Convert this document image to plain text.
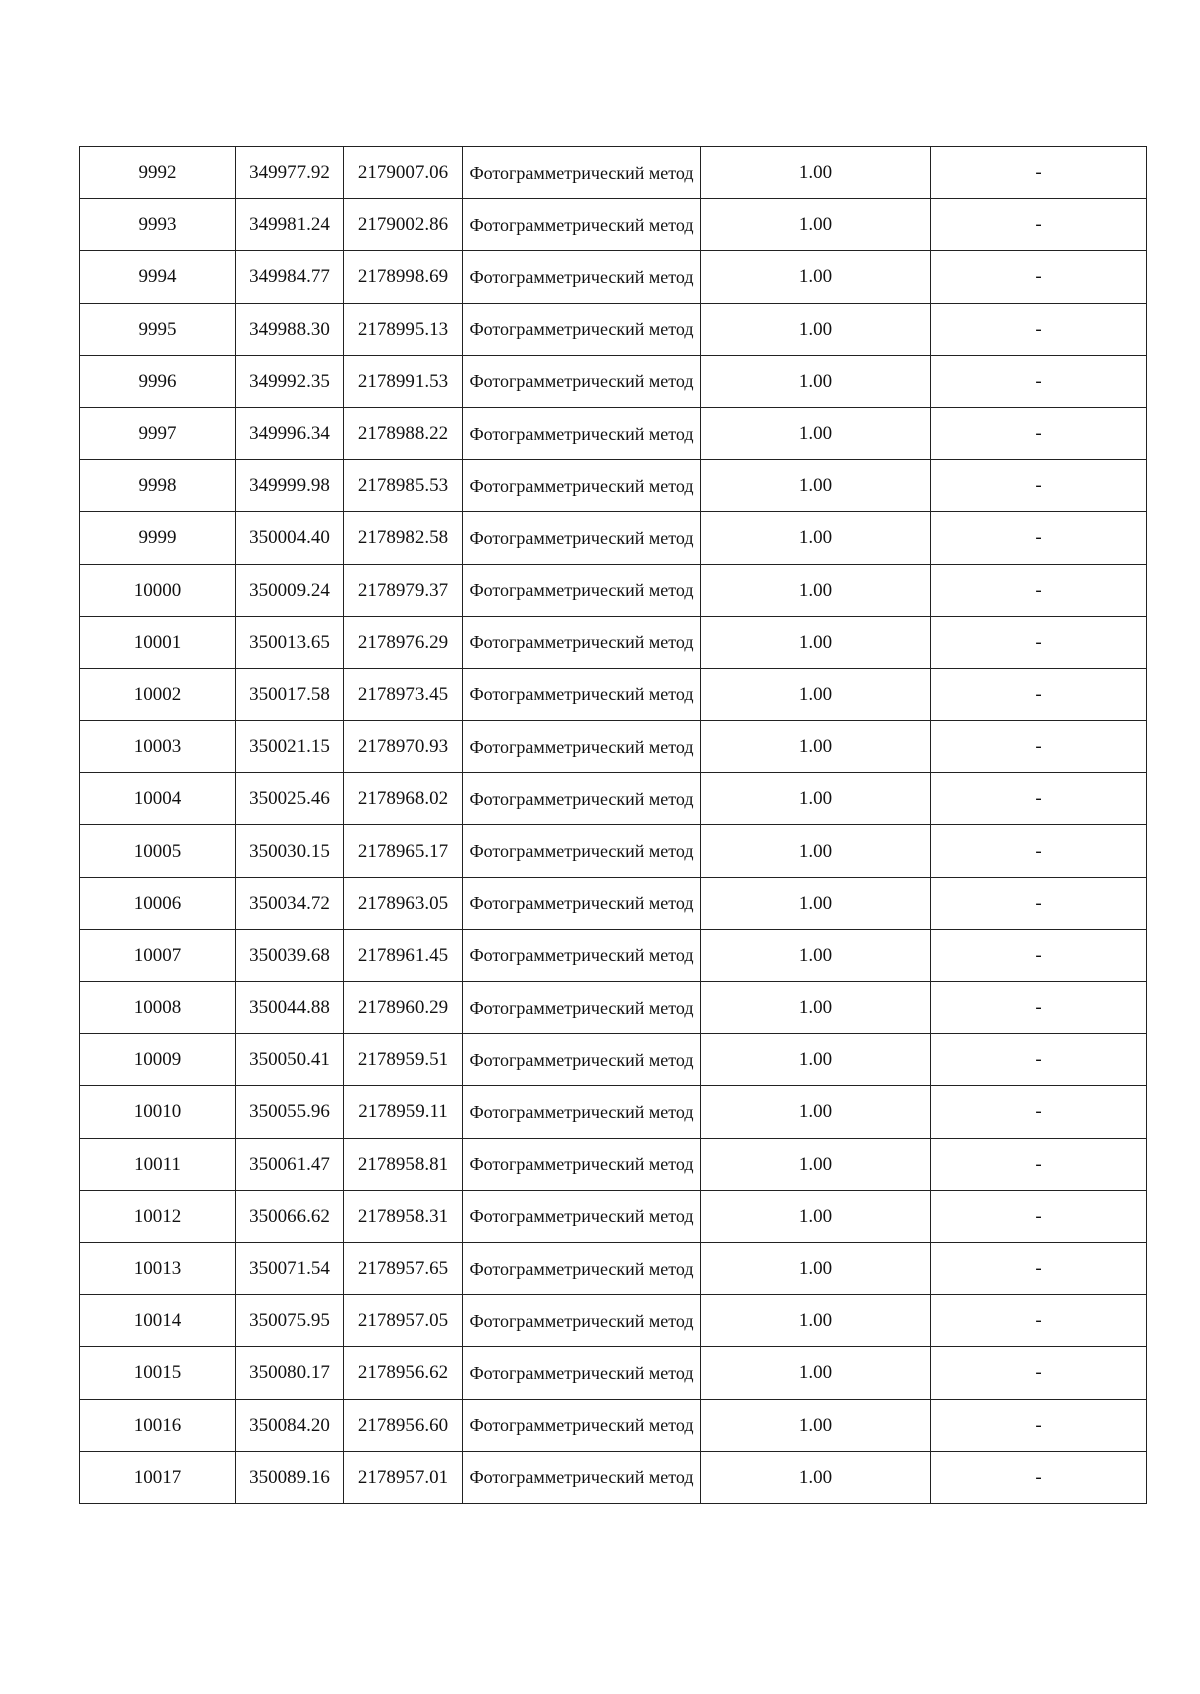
9992	349977.92	2179007.06	Фотограмметрический метод	1.00	-
9993	349981.24	2179002.86	Фотограмметрический метод	1.00	-
9994	349984.77	2178998.69	Фотограмметрический метод	1.00	-
9995	349988.30	2178995.13	Фотограмметрический метод	1.00	-
9996	349992.35	2178991.53	Фотограмметрический метод	1.00	-
9997	349996.34	2178988.22	Фотограмметрический метод	1.00	-
9998	349999.98	2178985.53	Фотограмметрический метод	1.00	-
9999	350004.40	2178982.58	Фотограмметрический метод	1.00	-
10000	350009.24	2178979.37	Фотограмметрический метод	1.00	-
10001	350013.65	2178976.29	Фотограмметрический метод	1.00	-
10002	350017.58	2178973.45	Фотограмметрический метод	1.00	-
10003	350021.15	2178970.93	Фотограмметрический метод	1.00	-
10004	350025.46	2178968.02	Фотограмметрический метод	1.00	-
10005	350030.15	2178965.17	Фотограмметрический метод	1.00	-
10006	350034.72	2178963.05	Фотограмметрический метод	1.00	-
10007	350039.68	2178961.45	Фотограмметрический метод	1.00	-
10008	350044.88	2178960.29	Фотограмметрический метод	1.00	-
10009	350050.41	2178959.51	Фотограмметрический метод	1.00	-
10010	350055.96	2178959.11	Фотограмметрический метод	1.00	-
10011	350061.47	2178958.81	Фотограмметрический метод	1.00	-
10012	350066.62	2178958.31	Фотограмметрический метод	1.00	-
10013	350071.54	2178957.65	Фотограмметрический метод	1.00	-
10014	350075.95	2178957.05	Фотограмметрический метод	1.00	-
10015	350080.17	2178956.62	Фотограмметрический метод	1.00	-
10016	350084.20	2178956.60	Фотограмметрический метод	1.00	-
10017	350089.16	2178957.01	Фотограмметрический метод	1.00	-
